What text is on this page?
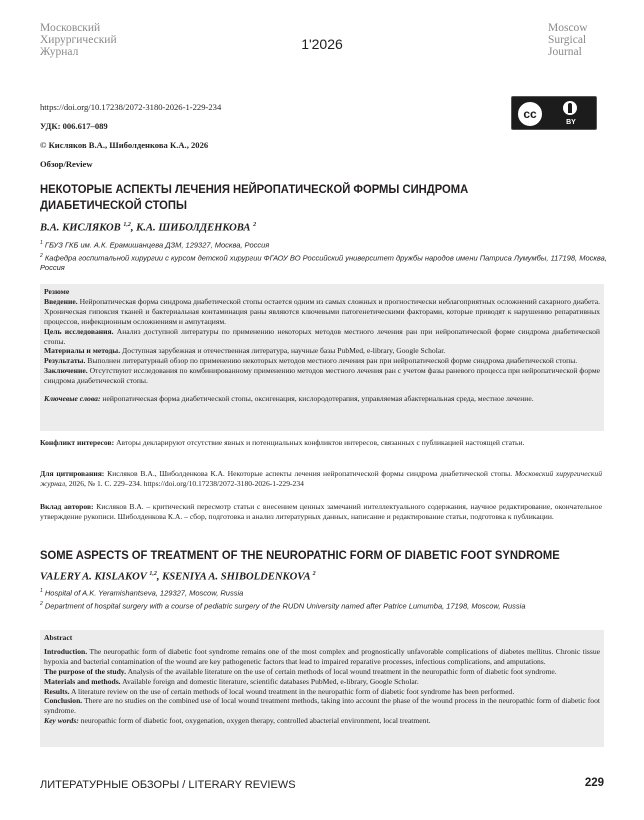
Московский
Хирургический
Журнал	1'2026
Moscow
Surgical
Journal
https://doi.org/10.17238/2072-3180-2026-1-229-234
УДК: 006.617–089
© Кисляков В.А., Шиболденкова К.А., 2026
Обзор/Review
cc
BY
НЕКОТОРЫЕ АСПЕКТЫ ЛЕЧЕНИЯ НЕЙРОПАТИЧЕСКОЙ ФОРМЫ СИНДРОМА ДИАБЕТИЧЕСКОЙ СТОПЫ
В.А. КИСЛЯКОВ $^{1,2}$, К.А. ШИБОЛДЕНКОВА $^2$
$^1$ ГБУЗ ГКБ им. А.К. Ерамишанцева ДЗМ, 129327, Москва, Россия
$^2$ Кафедра госпитальной хирургии с курсом детской хирургии ФГАОУ ВО Российский университет дружбы народов имени Патриса Лумумбы, 117198, Москва, Россия
Резюме
Введение. Нейропатическая форма синдрома диабетической стопы остается одним из самых сложных и прогностически неблагоприятных осложнений сахарного диабета. Хроническая гипоксия тканей и бактериальная контаминация раны являются ключевыми патогенетическими факторами, которые приводят к нарушению репаративных процессов, инфекционным осложнениям и ампутациям.
Цель исследования. Анализ доступной литературы по применению некоторых методов местного лечения ран при нейропатической форме синдрома диабетической стопы.
Материалы и методы. Доступная зарубежная и отечественная литература, научные базы PubMed, e-library, Google Scholar.
Результаты. Выполнен литературный обзор по применению некоторых методов местного лечения ран при нейропатической форме синдрома диабетической стопы.
Заключение. Отсутствуют исследования по комбинированному применению методов местного лечения ран с учетом фазы раневого процесса при нейропатической форме синдрома диабетической стопы.
Ключевые слова: нейропатическая форма диабетической стопы, оксигенация, кислородотерапия, управляемая абактериальная среда, местное лечение.
Конфликт интересов: Авторы декларируют отсутствие явных и потенциальных конфликтов интересов, связанных с публикацией настоящей статьи.
Для цитирования: Кисляков В.А., Шиболденкова К.А. Некоторые аспекты лечения нейропатической формы синдрома диабетической стопы. Московский хирургический журнал, 2026, № 1. С. 229–234. https://doi.org/10.17238/2072-3180-2026-1-229-234
Вклад авторов: Кисляков В.А. – критический пересмотр статьи с внесением ценных замечаний интеллектуального содержания, научное редактирование, окончательное утверждение рукописи. Шиболденкова К.А. – сбор, подготовка и анализ литературных данных, написание и редактирование статьи, подготовка к публикации.
SOME ASPECTS OF TREATMENT OF THE NEUROPATHIC FORM OF DIABETIC FOOT SYNDROME
VALERY A. KISLAKOV $^{1,2}$, KSENIYA A. SHIBOLDENKOVA $^2$
$^1$ Hospital of A.K. Yeramishantseva, 129327, Moscow, Russia
$^2$ Department of hospital surgery with a course of pediatric surgery of the RUDN University named after Patrice Lumumba, 17198, Moscow, Russia
Abstract
Introduction. The neuropathic form of diabetic foot syndrome remains one of the most complex and prognostically unfavorable complications of diabetes mellitus. Chronic tissue hypoxia and bacterial contamination of the wound are key pathogenetic factors that lead to impaired reparative processes, infectious complications, and amputations.
The purpose of the study. Analysis of the available literature on the use of certain methods of local wound treatment in the neuropathic form of diabetic foot syndrome.
Materials and methods. Available foreign and domestic literature, scientific databases PubMed, e-library, Google Scholar.
Results. A literature review on the use of certain methods of local wound treatment in the neuropathic form of diabetic foot syndrome has been performed.
Conclusion. There are no studies on the combined use of local wound treatment methods, taking into account the phase of the wound process in the neuropathic form of diabetic foot syndrome.
Key words: neuropathic form of diabetic foot, oxygenation, oxygen therapy, controlled abacterial environment, local treatment.
ЛИТЕРАТУРНЫЕ ОБЗОРЫ / LITERARY REVIEWS	229
